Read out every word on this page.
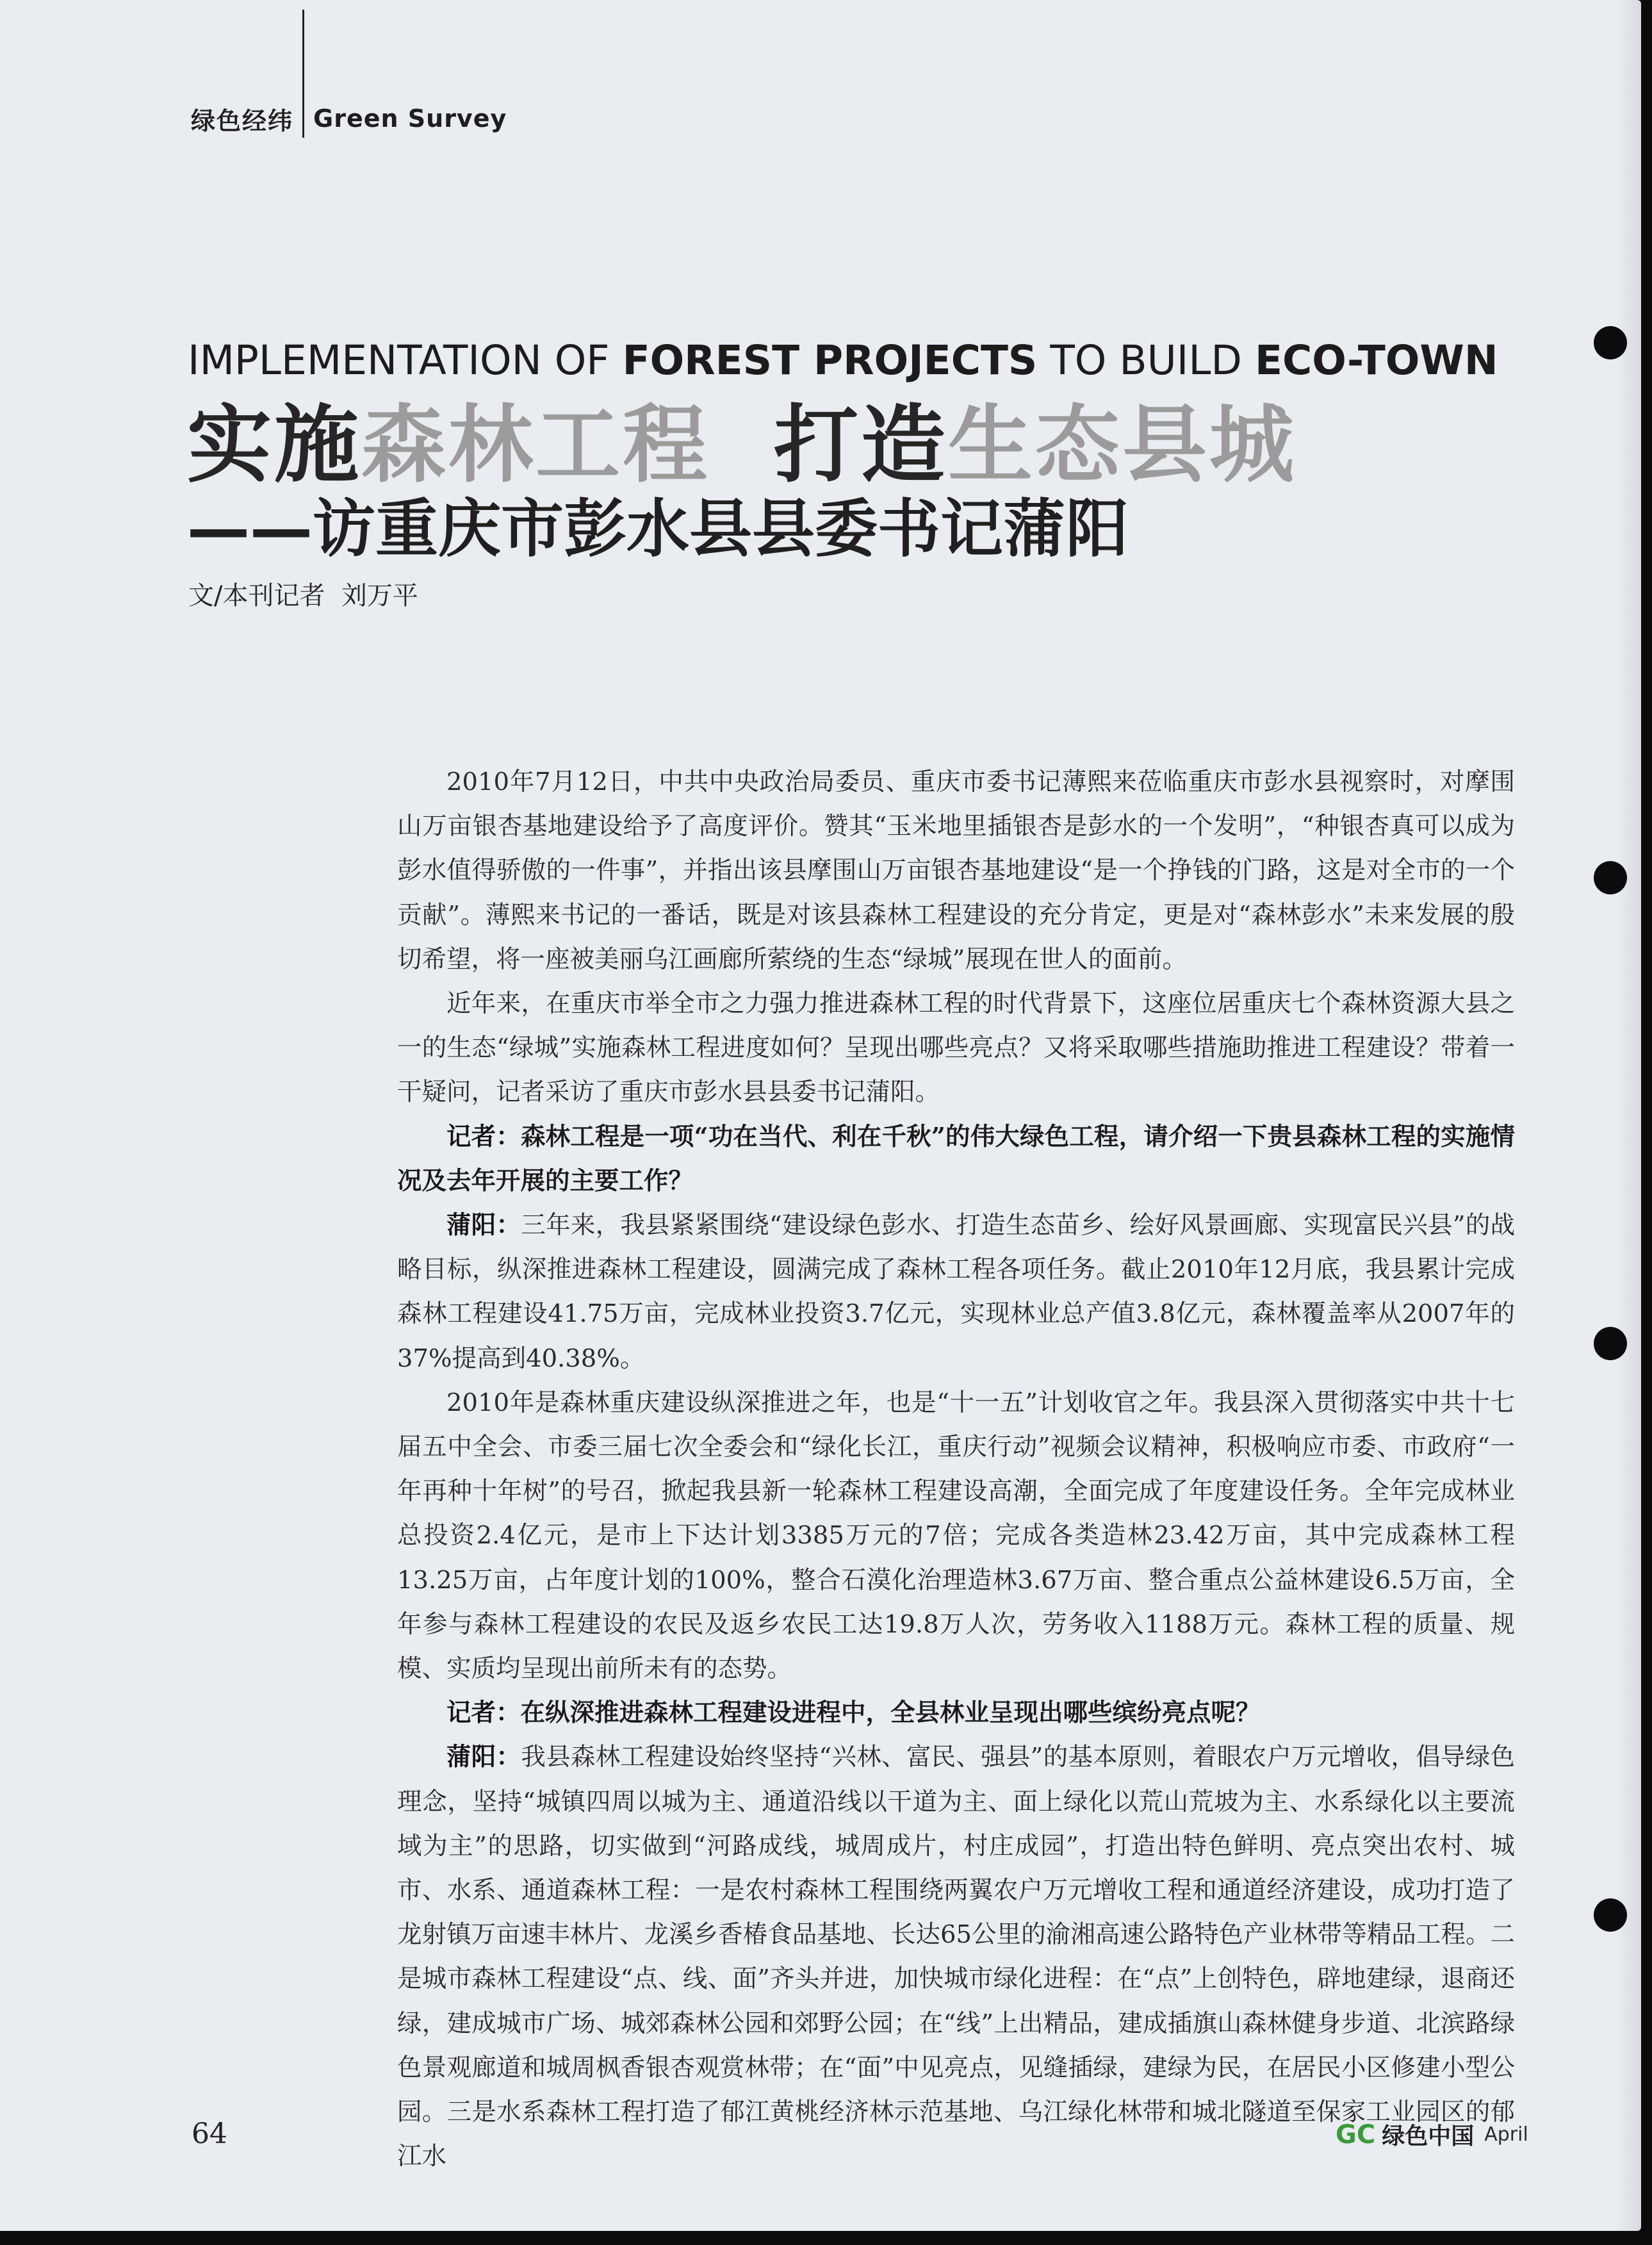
绿色经纬 Green Survey
IMPLEMENTATION OF FOREST PROJECTS TO BUILD ECO-TOWN
实施森林工程  打造生态县城
——访重庆市彭水县县委书记蒲阳
文/本刊记者  刘万平

2010年7月12日，中共中央政治局委员、重庆市委书记薄熙来莅临重庆市彭水县视察时，对摩围山万亩银杏基地建设给予了高度评价。赞其“玉米地里插银杏是彭水的一个发明”，“种银杏真可以成为彭水值得骄傲的一件事”，并指出该县摩围山万亩银杏基地建设“是一个挣钱的门路，这是对全市的一个贡献”。薄熙来书记的一番话，既是对该县森林工程建设的充分肯定，更是对“森林彭水”未来发展的殷切希望，将一座被美丽乌江画廊所萦绕的生态“绿城”展现在世人的面前。

近年来，在重庆市举全市之力强力推进森林工程的时代背景下，这座位居重庆七个森林资源大县之一的生态“绿城”实施森林工程进度如何？呈现出哪些亮点？又将采取哪些措施助推进工程建设？带着一干疑问，记者采访了重庆市彭水县县委书记蒲阳。

记者：森林工程是一项“功在当代、利在千秋”的伟大绿色工程，请介绍一下贵县森林工程的实施情况及去年开展的主要工作？

蒲阳：三年来，我县紧紧围绕“建设绿色彭水、打造生态苗乡、绘好风景画廊、实现富民兴县”的战略目标，纵深推进森林工程建设，圆满完成了森林工程各项任务。截止2010年12月底，我县累计完成森林工程建设41.75万亩，完成林业投资3.7亿元，实现林业总产值3.8亿元，森林覆盖率从2007年的37%提高到40.38%。

2010年是森林重庆建设纵深推进之年，也是“十一五”计划收官之年。我县深入贯彻落实中共十七届五中全会、市委三届七次全委会和“绿化长江，重庆行动”视频会议精神，积极响应市委、市政府“一年再种十年树”的号召，掀起我县新一轮森林工程建设高潮，全面完成了年度建设任务。全年完成林业总投资2.4亿元，是市上下达计划3385万元的7倍；完成各类造林23.42万亩，其中完成森林工程13.25万亩，占年度计划的100%，整合石漠化治理造林3.67万亩、整合重点公益林建设6.5万亩，全年参与森林工程建设的农民及返乡农民工达19.8万人次，劳务收入1188万元。森林工程的质量、规模、实质均呈现出前所未有的态势。

记者：在纵深推进森林工程建设进程中，全县林业呈现出哪些缤纷亮点呢？

蒲阳：我县森林工程建设始终坚持“兴林、富民、强县”的基本原则，着眼农户万元增收，倡导绿色理念，坚持“城镇四周以城为主、通道沿线以干道为主、面上绿化以荒山荒坡为主、水系绿化以主要流域为主”的思路，切实做到“河路成线，城周成片，村庄成园”，打造出特色鲜明、亮点突出农村、城市、水系、通道森林工程：一是农村森林工程围绕两翼农户万元增收工程和通道经济建设，成功打造了龙射镇万亩速丰林片、龙溪乡香椿食品基地、长达65公里的渝湘高速公路特色产业林带等精品工程。二是城市森林工程建设“点、线、面”齐头并进，加快城市绿化进程：在“点”上创特色，辟地建绿，退商还绿，建成城市广场、城郊森林公园和郊野公园；在“线”上出精品，建成插旗山森林健身步道、北滨路绿色景观廊道和城周枫香银杏观赏林带；在“面”中见亮点，见缝插绿，建绿为民，在居民小区修建小型公园。三是水系森林工程打造了郁江黄桃经济林示范基地、乌江绿化林带和城北隧道至保家工业园区的郁江水

64	GC 绿色中国 April
